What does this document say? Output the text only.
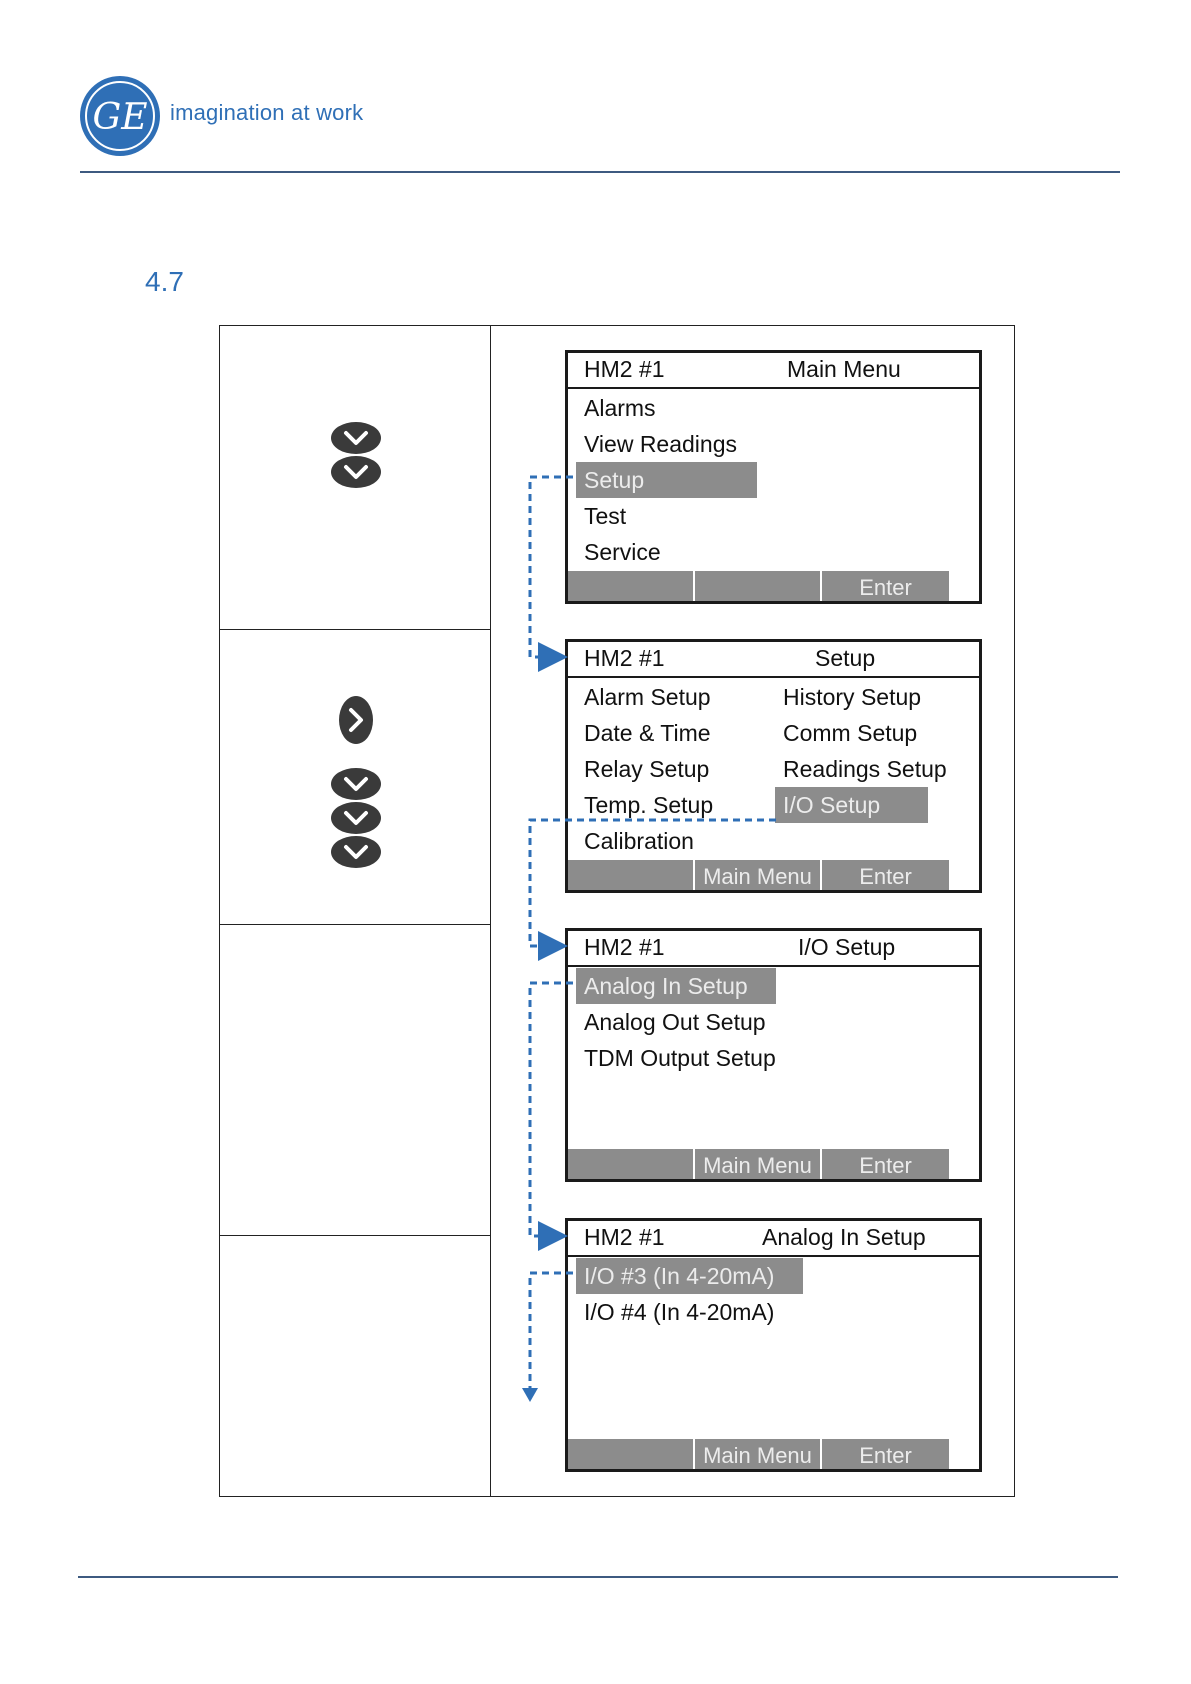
GE imagination at work
4.7
HM2 #1	Main Menu
Alarms
View Readings
Setup
Test
Service
Enter
HM2 #1	Setup
Alarm Setup
Date & Time
Relay Setup
Temp. Setup
Calibration
History Setup
Comm Setup
Readings Setup
I/O Setup
Main Menu	Enter
HM2 #1	I/O Setup
Analog In Setup
Analog Out Setup
TDM Output Setup
Main Menu	Enter
HM2 #1	Analog In Setup
I/O #3 (In 4-20mA)
I/O #4 (In 4-20mA)
Main Menu	Enter
